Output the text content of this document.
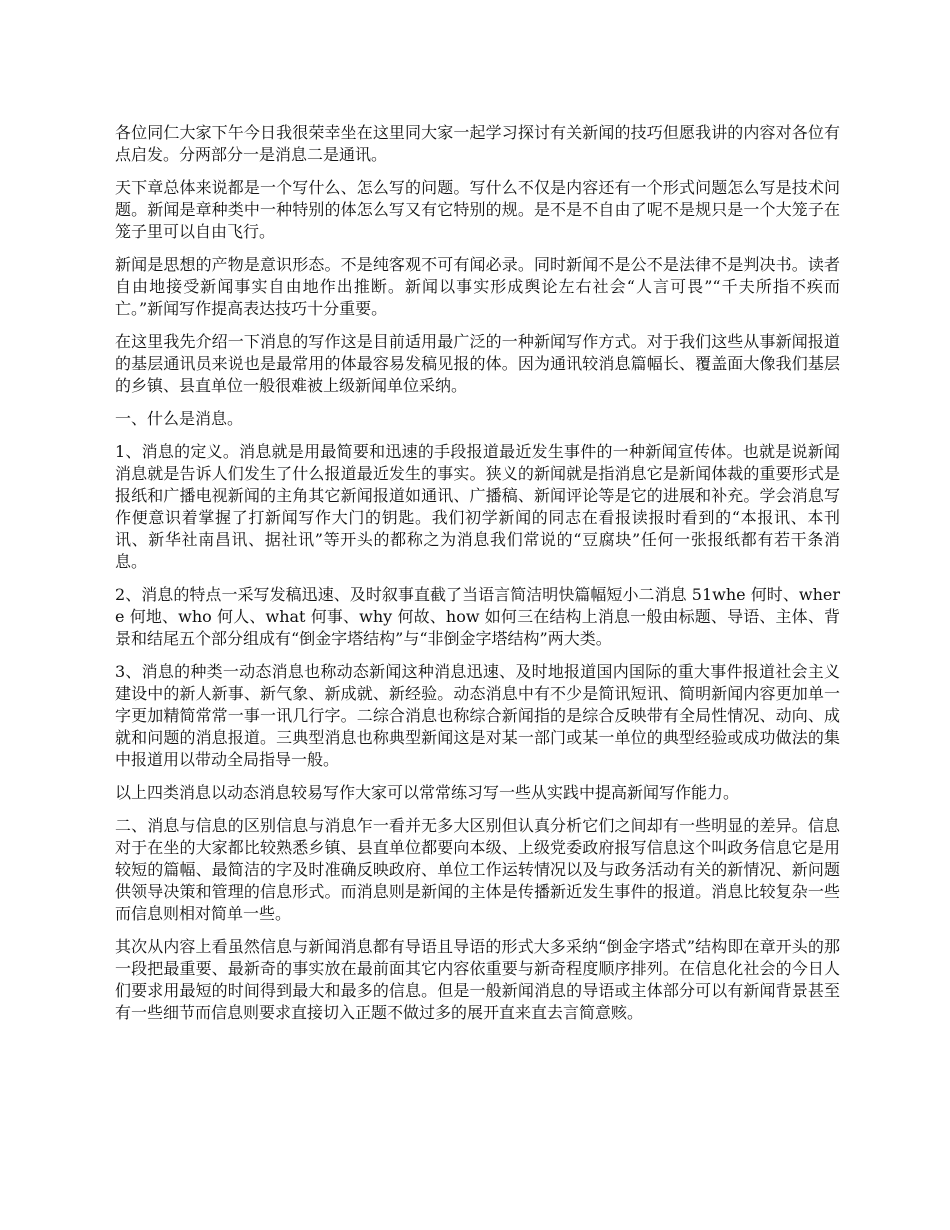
各位同仁大家下午今日我很荣幸坐在这里同大家一起学习探讨有关新闻的技巧但愿我讲的内容对各位有点启发。分两部分一是消息二是通讯。

天下章总体来说都是一个写什么、怎么写的问题。写什么不仅是内容还有一个形式问题怎么写是技术问题。新闻是章种类中一种特别的体怎么写又有它特别的规。是不是不自由了呢不是规只是一个大笼子在笼子里可以自由飞行。

新闻是思想的产物是意识形态。不是纯客观不可有闻必录。同时新闻不是公不是法律不是判决书。读者自由地接受新闻事实自由地作出推断。新闻以事实形成舆论左右社会“人言可畏”“千夫所指不疾而亡。”新闻写作提高表达技巧十分重要。

在这里我先介绍一下消息的写作这是目前适用最广泛的一种新闻写作方式。对于我们这些从事新闻报道的基层通讯员来说也是最常用的体最容易发稿见报的体。因为通讯较消息篇幅长、覆盖面大像我们基层的乡镇、县直单位一般很难被上级新闻单位采纳。

一、什么是消息。

1、消息的定义。消息就是用最简要和迅速的手段报道最近发生事件的一种新闻宣传体。也就是说新闻消息就是告诉人们发生了什么报道最近发生的事实。狭义的新闻就是指消息它是新闻体裁的重要形式是报纸和广播电视新闻的主角其它新闻报道如通讯、广播稿、新闻评论等是它的进展和补充。学会消息写作便意识着掌握了打新闻写作大门的钥匙。我们初学新闻的同志在看报读报时看到的“本报讯、本刊讯、新华社南昌讯、据社讯”等开头的都称之为消息我们常说的“豆腐块”任何一张报纸都有若干条消息。

2、消息的特点一采写发稿迅速、及时叙事直截了当语言简洁明快篇幅短小二消息 51whe 何时、where 何地、who 何人、what 何事、why 何故、how 如何三在结构上消息一般由标题、导语、主体、背景和结尾五个部分组成有“倒金字塔结构”与“非倒金字塔结构”两大类。

3、消息的种类一动态消息也称动态新闻这种消息迅速、及时地报道国内国际的重大事件报道社会主义建设中的新人新事、新气象、新成就、新经验。动态消息中有不少是简讯短讯、简明新闻内容更加单一字更加精简常常一事一讯几行字。二综合消息也称综合新闻指的是综合反映带有全局性情况、动向、成就和问题的消息报道。三典型消息也称典型新闻这是对某一部门或某一单位的典型经验或成功做法的集中报道用以带动全局指导一般。

以上四类消息以动态消息较易写作大家可以常常练习写一些从实践中提高新闻写作能力。

二、消息与信息的区别信息与消息乍一看并无多大区别但认真分析它们之间却有一些明显的差异。信息对于在坐的大家都比较熟悉乡镇、县直单位都要向本级、上级党委政府报写信息这个叫政务信息它是用较短的篇幅、最简洁的字及时准确反映政府、单位工作运转情况以及与政务活动有关的新情况、新问题供领导决策和管理的信息形式。而消息则是新闻的主体是传播新近发生事件的报道。消息比较复杂一些而信息则相对简单一些。

其次从内容上看虽然信息与新闻消息都有导语且导语的形式大多采纳“倒金字塔式”结构即在章开头的那一段把最重要、最新奇的事实放在最前面其它内容依重要与新奇程度顺序排列。在信息化社会的今日人们要求用最短的时间得到最大和最多的信息。但是一般新闻消息的导语或主体部分可以有新闻背景甚至有一些细节而信息则要求直接切入正题不做过多的展开直来直去言简意赅。
